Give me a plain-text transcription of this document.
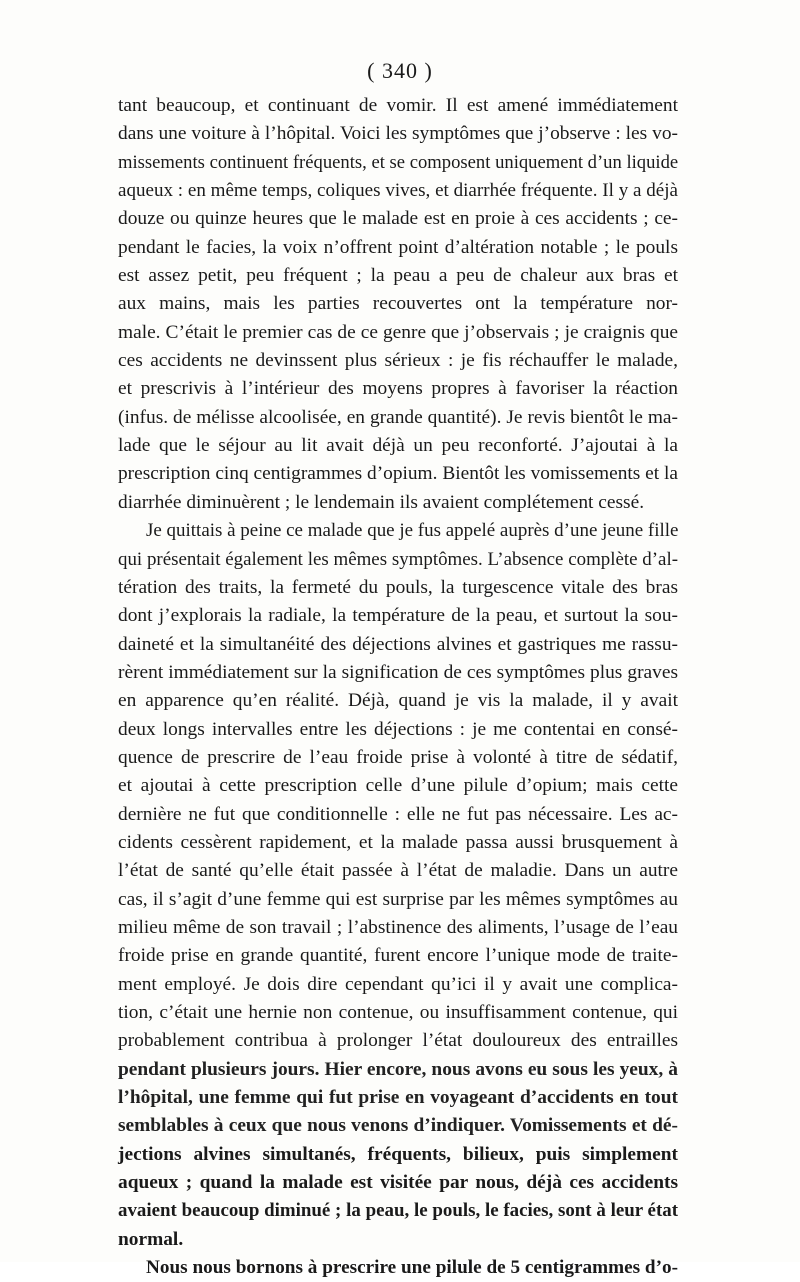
( 340 )
tant beaucoup, et continuant de vomir. Il est amené immédiatement
dans une voiture à l’hôpital. Voici les symptômes que j’observe : les vo-
missements continuent fréquents, et se composent uniquement d’un liquide
aqueux : en même temps, coliques vives, et diarrhée fréquente. Il y a déjà
douze ou quinze heures que le malade est en proie à ces accidents ; ce-
pendant le facies, la voix n’offrent point d’altération notable ; le pouls
est assez petit, peu fréquent ; la peau a peu de chaleur aux bras et
aux mains, mais les parties recouvertes ont la température nor-
male. C’était le premier cas de ce genre que j’observais ; je craignis que
ces accidents ne devinssent plus sérieux : je fis réchauffer le malade,
et prescrivis à l’intérieur des moyens propres à favoriser la réaction
(infus. de mélisse alcoolisée, en grande quantité). Je revis bientôt le ma-
lade que le séjour au lit avait déjà un peu reconforté. J’ajoutai à la
prescription cinq centigrammes d’opium. Bientôt les vomissements et la
diarrhée diminuèrent ; le lendemain ils avaient complétement cessé.
Je quittais à peine ce malade que je fus appelé auprès d’une jeune fille
qui présentait également les mêmes symptômes. L’absence complète d’al-
tération des traits, la fermeté du pouls, la turgescence vitale des bras
dont j’explorais la radiale, la température de la peau, et surtout la sou-
daineté et la simultanéité des déjections alvines et gastriques me rassu-
rèrent immédiatement sur la signification de ces symptômes plus graves
en apparence qu’en réalité. Déjà, quand je vis la malade, il y avait
deux longs intervalles entre les déjections : je me contentai en consé-
quence de prescrire de l’eau froide prise à volonté à titre de sédatif,
et ajoutai à cette prescription celle d’une pilule d’opium; mais cette
dernière ne fut que conditionnelle : elle ne fut pas nécessaire. Les ac-
cidents cessèrent rapidement, et la malade passa aussi brusquement à
l’état de santé qu’elle était passée à l’état de maladie. Dans un autre
cas, il s’agit d’une femme qui est surprise par les mêmes symptômes au
milieu même de son travail ; l’abstinence des aliments, l’usage de l’eau
froide prise en grande quantité, furent encore l’unique mode de traite-
ment employé. Je dois dire cependant qu’ici il y avait une complica-
tion, c’était une hernie non contenue, ou insuffisamment contenue, qui
probablement contribua à prolonger l’état douloureux des entrailles
pendant plusieurs jours. Hier encore, nous avons eu sous les yeux, à
l’hôpital, une femme qui fut prise en voyageant d’accidents en tout
semblables à ceux que nous venons d’indiquer. Vomissements et dé-
jections alvines simultanés, fréquents, bilieux, puis simplement
aqueux ; quand la malade est visitée par nous, déjà ces accidents
avaient beaucoup diminué ; la peau, le pouls, le facies, sont à leur état
normal.
Nous nous bornons à prescrire une pilule de 5 centigrammes d’o-
